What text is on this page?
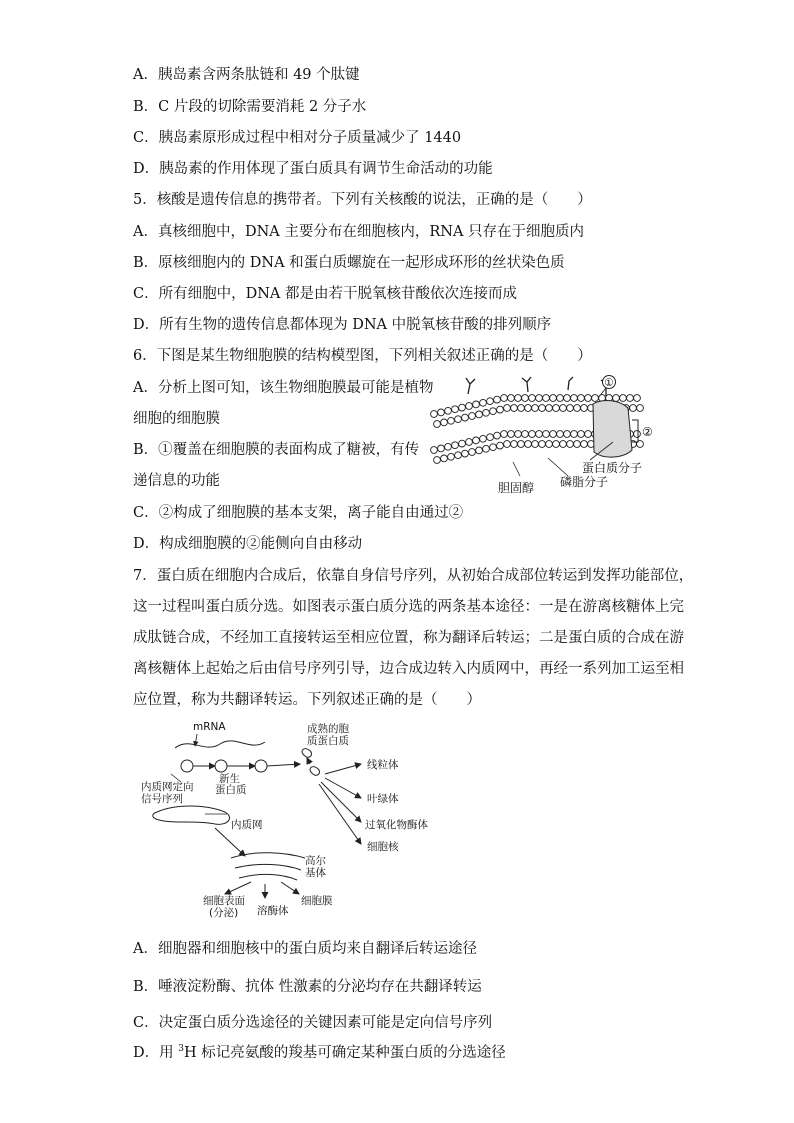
A．胰岛素含两条肽链和 49 个肽键
B．C 片段的切除需要消耗 2 分子水
C．胰岛素原形成过程中相对分子质量减少了 1440
D．胰岛素的作用体现了蛋白质具有调节生命活动的功能
5．核酸是遗传信息的携带者。下列有关核酸的说法，正确的是（　　）
A．真核细胞中，DNA 主要分布在细胞核内，RNA 只存在于细胞质内
B．原核细胞内的 DNA 和蛋白质螺旋在一起形成环形的丝状染色质
C．所有细胞中，DNA 都是由若干脱氧核苷酸依次连接而成
D．所有生物的遗传信息都体现为 DNA 中脱氧核苷酸的排列顺序
6．下图是某生物细胞膜的结构模型图，下列相关叙述正确的是（　　）
A．分析上图可知，该生物细胞膜最可能是植物
细胞的细胞膜
B．①覆盖在细胞膜的表面构成了糖被，有传
递信息的功能
C．②构成了细胞膜的基本支架，离子能自由通过②
D．构成细胞膜的②能侧向自由移动
①
②
蛋白质分子
胆固醇 磷脂分子
7．蛋白质在细胞内合成后，依靠自身信号序列，从初始合成部位转运到发挥功能部位，
这一过程叫蛋白质分选。如图表示蛋白质分选的两条基本途径：一是在游离核糖体上完
成肽链合成，不经加工直接转运至相应位置，称为翻译后转运；二是蛋白质的合成在游
离核糖体上起始之后由信号序列引导，边合成边转入内质网中，再经一系列加工运至相
应位置，称为共翻译转运。下列叙述正确的是（　　）
mRNA
新生
蛋白质
成熟的胞
质蛋白质
线粒体
叶绿体
过氧化物酶体
细胞核
内质网定向
信号序列
内质网
高尔
基体
细胞表面
(分泌) 溶酶体
细胞膜
A．细胞器和细胞核中的蛋白质均来自翻译后转运途径
B．唾液淀粉酶、抗体 性激素的分泌均存在共翻译转运
C．决定蛋白质分选途径的关键因素可能是定向信号序列
D．用 $^3$H 标记亮氨酸的羧基可确定某种蛋白质的分选途径
